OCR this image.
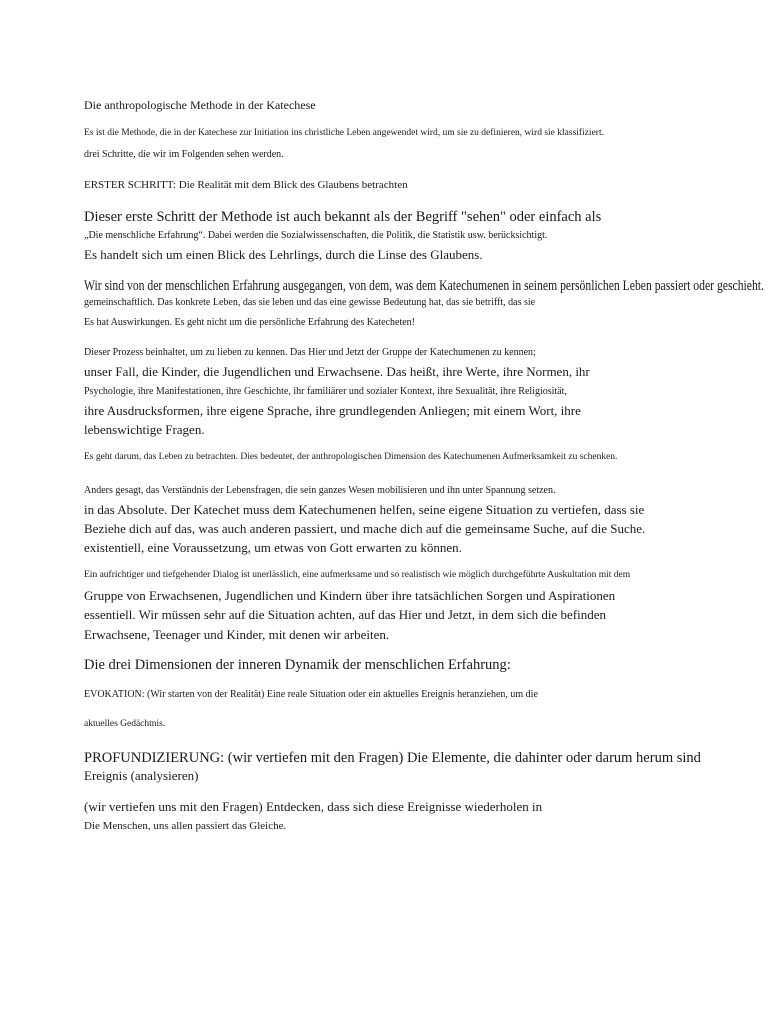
Die anthropologische Methode in der Katechese
Es ist die Methode, die in der Katechese zur Initiation ins christliche Leben angewendet wird, um sie zu definieren, wird sie klassifiziert.
drei Schritte, die wir im Folgenden sehen werden.
ERSTER SCHRITT: Die Realität mit dem Blick des Glaubens betrachten
Dieser erste Schritt der Methode ist auch bekannt als der Begriff "sehen" oder einfach als
„Die menschliche Erfahrung“. Dabei werden die Sozialwissenschaften, die Politik, die Statistik usw. berücksichtigt.
Es handelt sich um einen Blick des Lehrlings, durch die Linse des Glaubens.
Wir sind von der menschlichen Erfahrung ausgegangen, von dem, was dem Katechumenen in seinem persönlichen Leben passiert oder geschieht.
gemeinschaftlich. Das konkrete Leben, das sie leben und das eine gewisse Bedeutung hat, das sie betrifft, das sie
Es hat Auswirkungen. Es geht nicht um die persönliche Erfahrung des Katecheten!
Dieser Prozess beinhaltet, um zu lieben zu kennen. Das Hier und Jetzt der Gruppe der Katechumenen zu kennen;
unser Fall, die Kinder, die Jugendlichen und Erwachsene. Das heißt, ihre Werte, ihre Normen, ihr
Psychologie, ihre Manifestationen, ihre Geschichte, ihr familiärer und sozialer Kontext, ihre Sexualität, ihre Religiosität,
ihre Ausdrucksformen, ihre eigene Sprache, ihre grundlegenden Anliegen; mit einem Wort, ihre
lebenswichtige Fragen.
Es geht darum, das Leben zu betrachten. Dies bedeutet, der anthropologischen Dimension des Katechumenen Aufmerksamkeit zu schenken.
Anders gesagt, das Verständnis der Lebensfragen, die sein ganzes Wesen mobilisieren und ihn unter Spannung setzen.
in das Absolute. Der Katechet muss dem Katechumenen helfen, seine eigene Situation zu vertiefen, dass sie
Beziehe dich auf das, was auch anderen passiert, und mache dich auf die gemeinsame Suche, auf die Suche.
existentiell, eine Voraussetzung, um etwas von Gott erwarten zu können.
Ein aufrichtiger und tiefgehender Dialog ist unerlässlich, eine aufmerksame und so realistisch wie möglich durchgeführte Auskultation mit dem
Gruppe von Erwachsenen, Jugendlichen und Kindern über ihre tatsächlichen Sorgen und Aspirationen
essentiell. Wir müssen sehr auf die Situation achten, auf das Hier und Jetzt, in dem sich die befinden
Erwachsene, Teenager und Kinder, mit denen wir arbeiten.
Die drei Dimensionen der inneren Dynamik der menschlichen Erfahrung:
EVOKATION: (Wir starten von der Realität) Eine reale Situation oder ein aktuelles Ereignis heranziehen, um die
aktuelles Gedächtnis.
PROFUNDIZIERUNG: (wir vertiefen mit den Fragen) Die Elemente, die dahinter oder darum herum sind
Ereignis (analysieren)
(wir vertiefen uns mit den Fragen) Entdecken, dass sich diese Ereignisse wiederholen in
Die Menschen, uns allen passiert das Gleiche.
